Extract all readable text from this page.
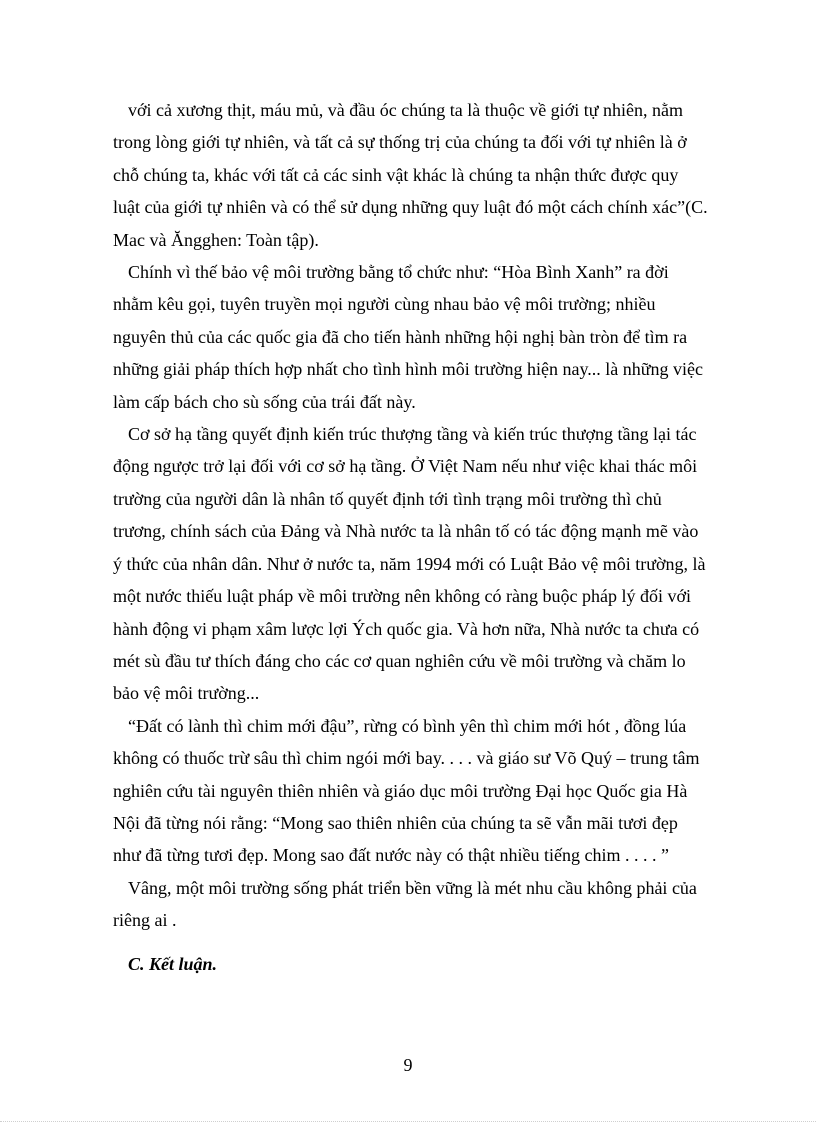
với cả xương thịt, máu mủ, và đầu óc chúng ta là thuộc về giới tự nhiên, nằm
trong lòng giới tự nhiên, và tất cả sự thống trị của chúng ta đối với tự nhiên là ở
chỗ chúng ta, khác với tất cả các sinh vật khác là chúng ta nhận thức được quy
luật của giới tự nhiên và có thể sử dụng những quy luật đó một cách chính xác”(C.
Mac và Ăngghen: Toàn tập).

Chính vì thế bảo vệ môi trường bằng tổ chức như: “Hòa Bình Xanh” ra đời
nhằm kêu gọi, tuyên truyền mọi người cùng nhau bảo vệ môi trường; nhiều
nguyên thủ của các quốc gia đã cho tiến hành những hội nghị bàn tròn để tìm ra
những giải pháp thích hợp nhất cho tình hình môi trường hiện nay... là những việc
làm cấp bách cho sù sống của trái đất này.

Cơ sở hạ tầng quyết định kiến trúc thượng tầng và kiến trúc thượng tầng lại tác
động ngược trở lại đối với cơ sở hạ tầng. Ở Việt Nam nếu như việc khai thác môi
trường của người dân là nhân tố quyết định tới tình trạng môi trường thì chủ
trương, chính sách của Đảng và Nhà nước ta là nhân tố có tác động mạnh mẽ vào
ý thức của nhân dân. Như ở nước ta, năm 1994 mới có Luật Bảo vệ môi trường, là
một nước thiếu luật pháp về môi trường nên không có ràng buộc pháp lý đối với
hành động vi phạm xâm lược lợi Ých quốc gia. Và hơn nữa, Nhà nước ta chưa có
mét sù đầu tư thích đáng cho các cơ quan nghiên cứu về môi trường và chăm lo
bảo vệ môi trường...

“Đất có lành thì chim mới đậu”, rừng có bình yên thì chim mới hót , đồng lúa
không có thuốc trừ sâu thì chim ngói mới bay. . . . và giáo sư Võ Quý – trung tâm
nghiên cứu tài nguyên thiên nhiên và giáo dục môi trường Đại học Quốc gia Hà
Nội đã từng nói rằng: “Mong sao thiên nhiên của chúng ta sẽ vẫn mãi tươi đẹp
như đã từng tươi đẹp. Mong sao đất nước này có thật nhiều tiếng chim . . . . ”

Vâng, một môi trường sống phát triển bền vững là mét nhu cầu không phải của
riêng ai .

C. Kết luận.

9
